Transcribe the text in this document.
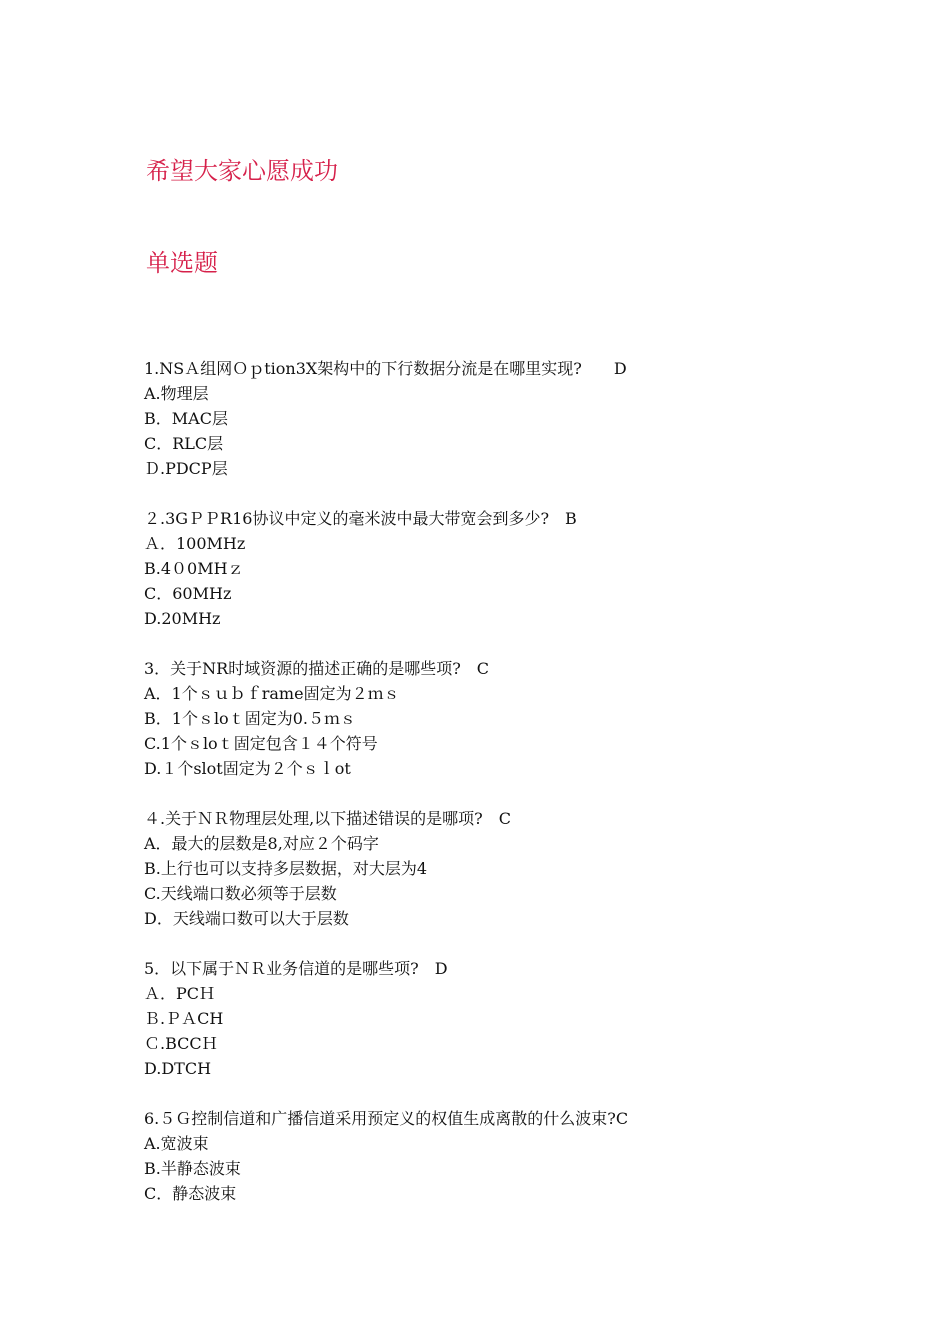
希望大家心愿成功
单选题
1.NSＡ组网Ｏｐtion3X架构中的下行数据分流是在哪里实现?　　D
A.物理层
B．MAC层
C．RLC层
Ｄ.PDCP层
２.3GＰＰR16协议中定义的毫米波中最大带宽会到多少?　B
Ａ．100MHz
B.4０0MHｚ
C．60MHz
D.20MHz
3．关于NR时域资源的描述正确的是哪些项?　C
A．1个ｓｕｂｆrame固定为２ｍｓ
B．1个ｓloｔ固定为0.５ｍｓ
C.1个ｓloｔ固定包含１４个符号
D.１个slot固定为２个ｓｌot
４.关于ＮＲ物理层处理,以下描述错误的是哪项?　C
A．最大的层数是8,对应２个码字
B.上行也可以支持多层数据，对大层为4
C.天线端口数必须等于层数
D．天线端口数可以大于层数
5．以下属于ＮＲ业务信道的是哪些项?　D
Ａ．PCＨ
Ｂ.ＰＡCH
Ｃ.BCCＨ
D.DTCH
6.５Ｇ控制信道和广播信道采用预定义的权值生成离散的什么波束?C
A.宽波束
B.半静态波束
C．静态波束
